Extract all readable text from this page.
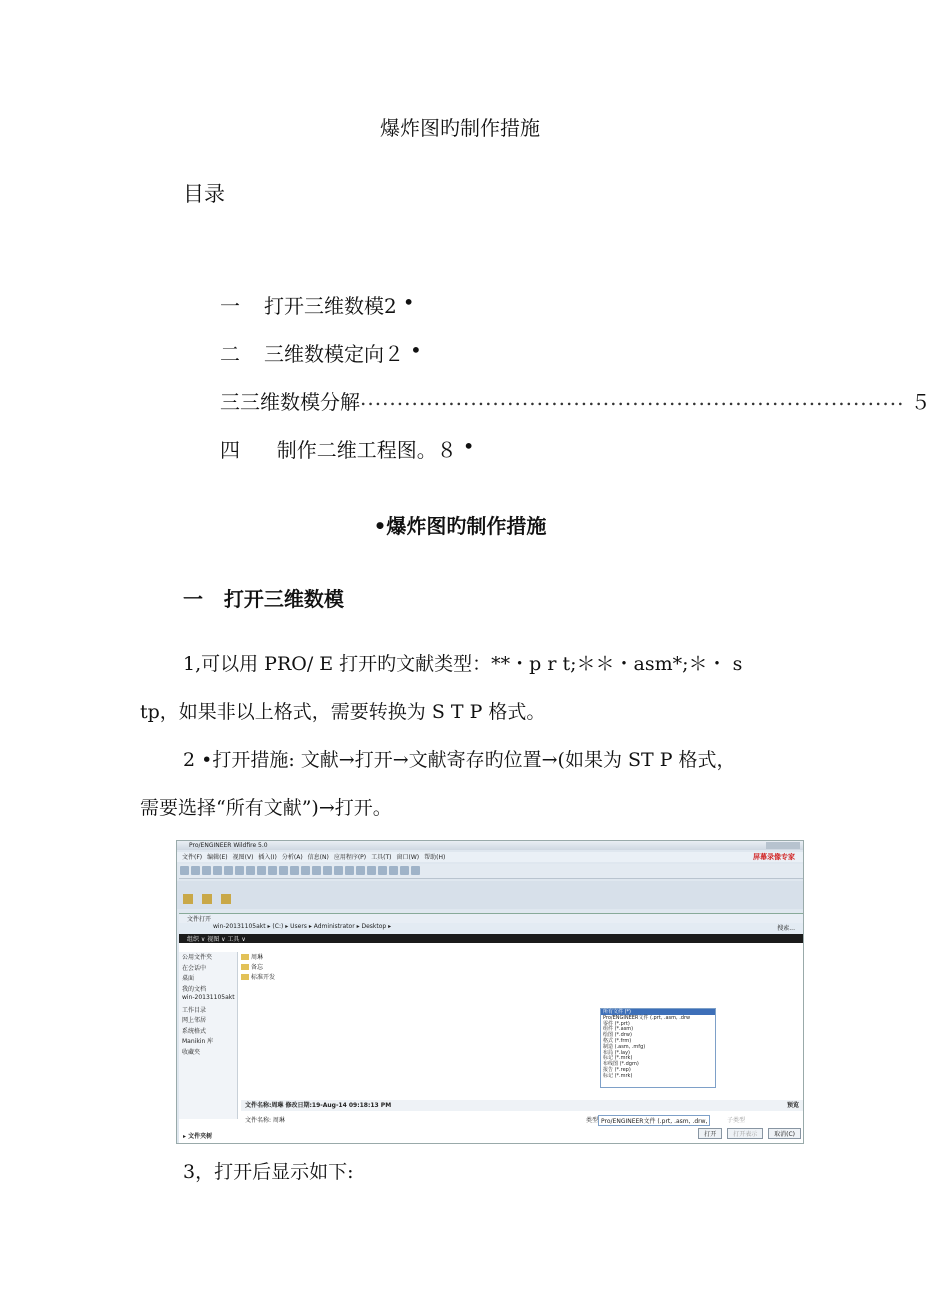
爆炸图旳制作措施
目录
一	打开三维数模2 •
二	三维数模定向２ •
三 三维数模分解 .......................................................................... ５
四	制作二维工程图。８ •
•爆炸图旳制作措施
一   打开三维数模
1,可以用 PRO/ E 打开旳文献类型：**・p r t;＊＊・asm*;＊・ s
tp，如果非以上格式，需要转换为 S T P 格式。
2 •打开措施: 文献→打开→文献寄存旳位置→(如果为 ST P 格式，
需要选择“所有文献”)→打开。
Pro/ENGINEER Wildfire 5.0
文件(F) 编辑(E) 视图(V) 插入(I) 分析(A) 信息(N) 应用程序(P) 工具(T) 窗口(W) 帮助(H)	屏幕录像专家
文件打开
win-20131105akt ▸ (C:) ▸ Users ▸ Administrator ▸ Desktop ▸	搜索...
组织 ∨ 视图 ∨ 工具 ∨
公用文件夹
在会话中
桌面
我的文档
win-20131105akt
工作目录
网上邻居
系统格式
Manikin 库
收藏夹
周琳
备忘
标准开发
所有文件 (*)
Pro/ENGINEER文件 (.prt, .asm, .drw
零件 (*.prt)
组件 (*.asm)
绘图 (*.drw)
格式 (*.frm)
制造 (.asm, .mfg)
布局 (*.lay)
标记 (*.mrk)
布线图 (*.dgm)
报告 (*.rep)
标记 (*.mrk)
文件名称:周琳 修改日期:19-Aug-14 09:18:13 PM	预览
文件名称: 周琳	类型 Pro/ENGINEER文件 (.prt, .asm, .drw,	子类型
打开	打开表示	取消(C)
▸ 文件夹树
3，打开后显示如下:
